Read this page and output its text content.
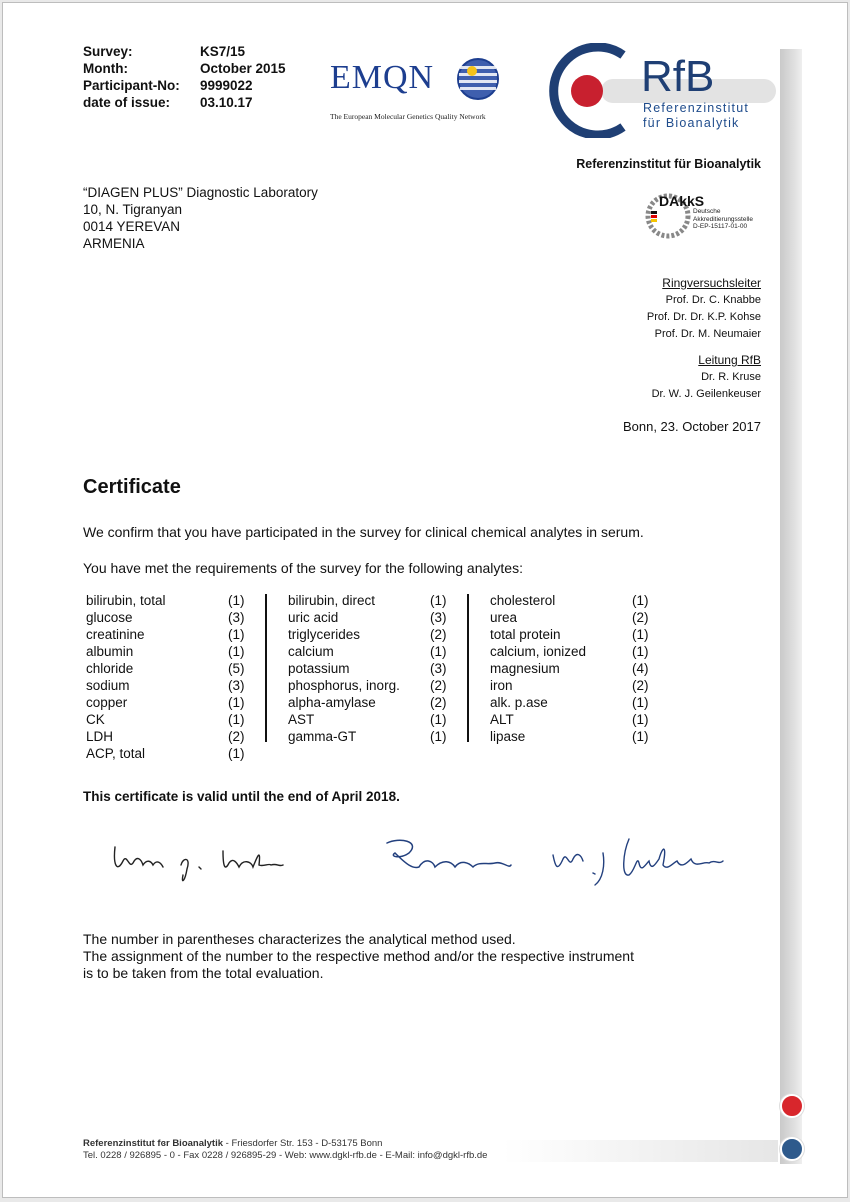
Survey:	KS7/15
Month:	October 2015
Participant-No:	9999022
date of issue:	03.10.17
EMQN
The European Molecular Genetics Quality Network
RfB
Referenzinstitut
für Bioanalytik
Referenzinstitut für Bioanalytik
“DIAGEN PLUS” Diagnostic Laboratory
10, N. Tigranyan
0014 YEREVAN
ARMENIA
DAkkS
Deutsche
Akkreditierungsstelle
D-EP-15117-01-00
Ringversuchsleiter
Prof. Dr. C. Knabbe
Prof. Dr. Dr. K.P. Kohse
Prof. Dr. M. Neumaier
Leitung RfB
Dr. R. Kruse
Dr. W. J. Geilenkeuser
Bonn, 23. October 2017
Certificate
We confirm that you have participated in the survey for clinical chemical analytes in serum.
You have met the requirements of the survey for the following analytes:
bilirubin, total	(1)
glucose	(3)
creatinine	(1)
albumin	(1)
chloride	(5)
sodium	(3)
copper	(1)
CK	(1)
LDH	(2)
ACP, total	(1)
bilirubin, direct	(1)
uric acid	(3)
triglycerides	(2)
calcium	(1)
potassium	(3)
phosphorus, inorg.	(2)
alpha-amylase	(2)
AST	(1)
gamma-GT	(1)
cholesterol	(1)
urea	(2)
total protein	(1)
calcium, ionized	(1)
magnesium	(4)
iron	(2)
alk. p.ase	(1)
ALT	(1)
lipase	(1)
This certificate is valid until the end of April 2018.
The number in parentheses characterizes the analytical method used.
The assignment of the number to the respective method and/or the respective instrument
is to be taken from the total evaluation.
Referenzinstitut fɞr Bioanalytik - Friesdorfer Str. 153 - D-53175 Bonn
Tel. 0228 / 926895 - 0 - Fax 0228 / 926895-29 - Web: www.dgkl-rfb.de - E-Mail: info@dgkl-rfb.de
